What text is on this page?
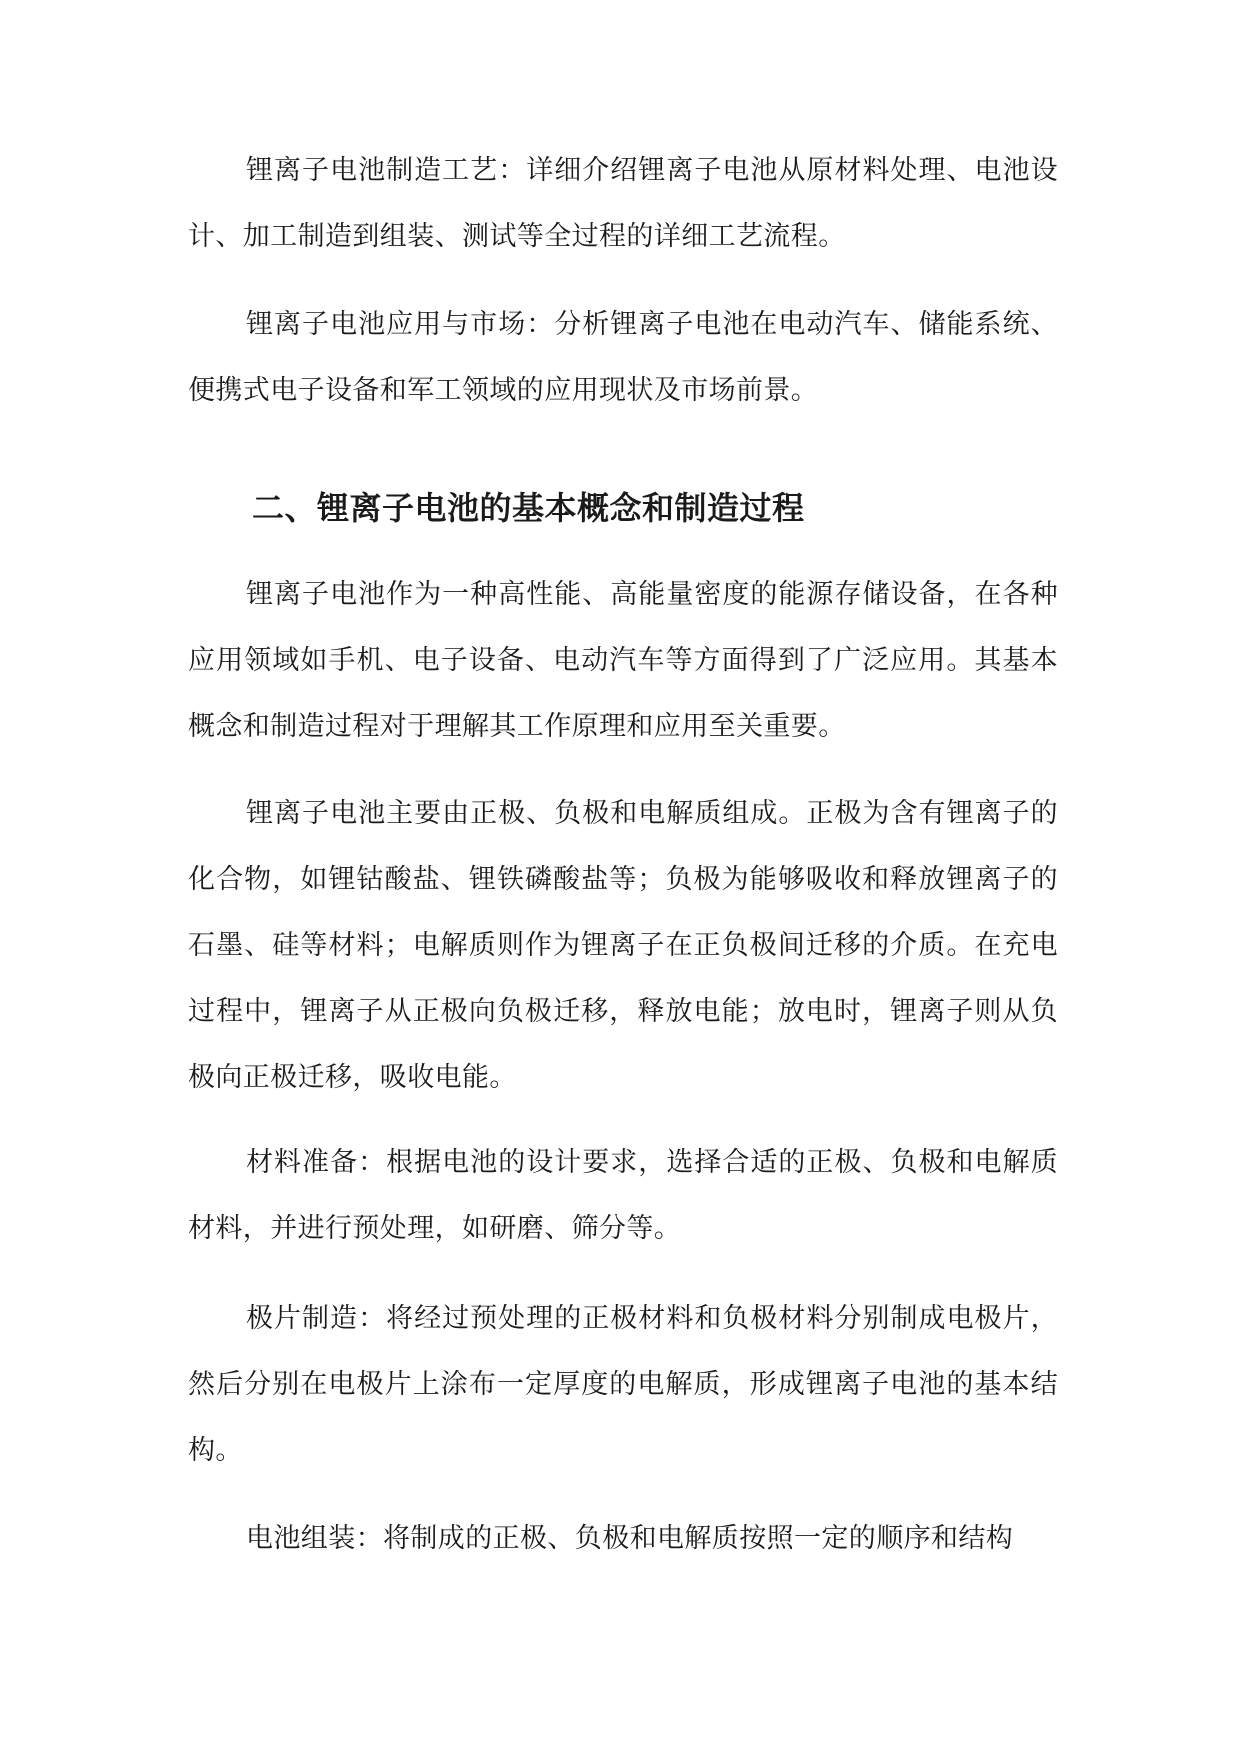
锂离子电池制造工艺：详细介绍锂离子电池从原材料处理、电池设计、加工制造到组装、测试等全过程的详细工艺流程。

锂离子电池应用与市场：分析锂离子电池在电动汽车、储能系统、便携式电子设备和军工领域的应用现状及市场前景。

二、锂离子电池的基本概念和制造过程

锂离子电池作为一种高性能、高能量密度的能源存储设备，在各种应用领域如手机、电子设备、电动汽车等方面得到了广泛应用。其基本概念和制造过程对于理解其工作原理和应用至关重要。

锂离子电池主要由正极、负极和电解质组成。正极为含有锂离子的化合物，如锂钴酸盐、锂铁磷酸盐等；负极为能够吸收和释放锂离子的石墨、硅等材料；电解质则作为锂离子在正负极间迁移的介质。在充电过程中，锂离子从正极向负极迁移，释放电能；放电时，锂离子则从负极向正极迁移，吸收电能。

材料准备：根据电池的设计要求，选择合适的正极、负极和电解质材料，并进行预处理，如研磨、筛分等。

极片制造：将经过预处理的正极材料和负极材料分别制成电极片，然后分别在电极片上涂布一定厚度的电解质，形成锂离子电池的基本结构。

电池组装：将制成的正极、负极和电解质按照一定的顺序和结构
